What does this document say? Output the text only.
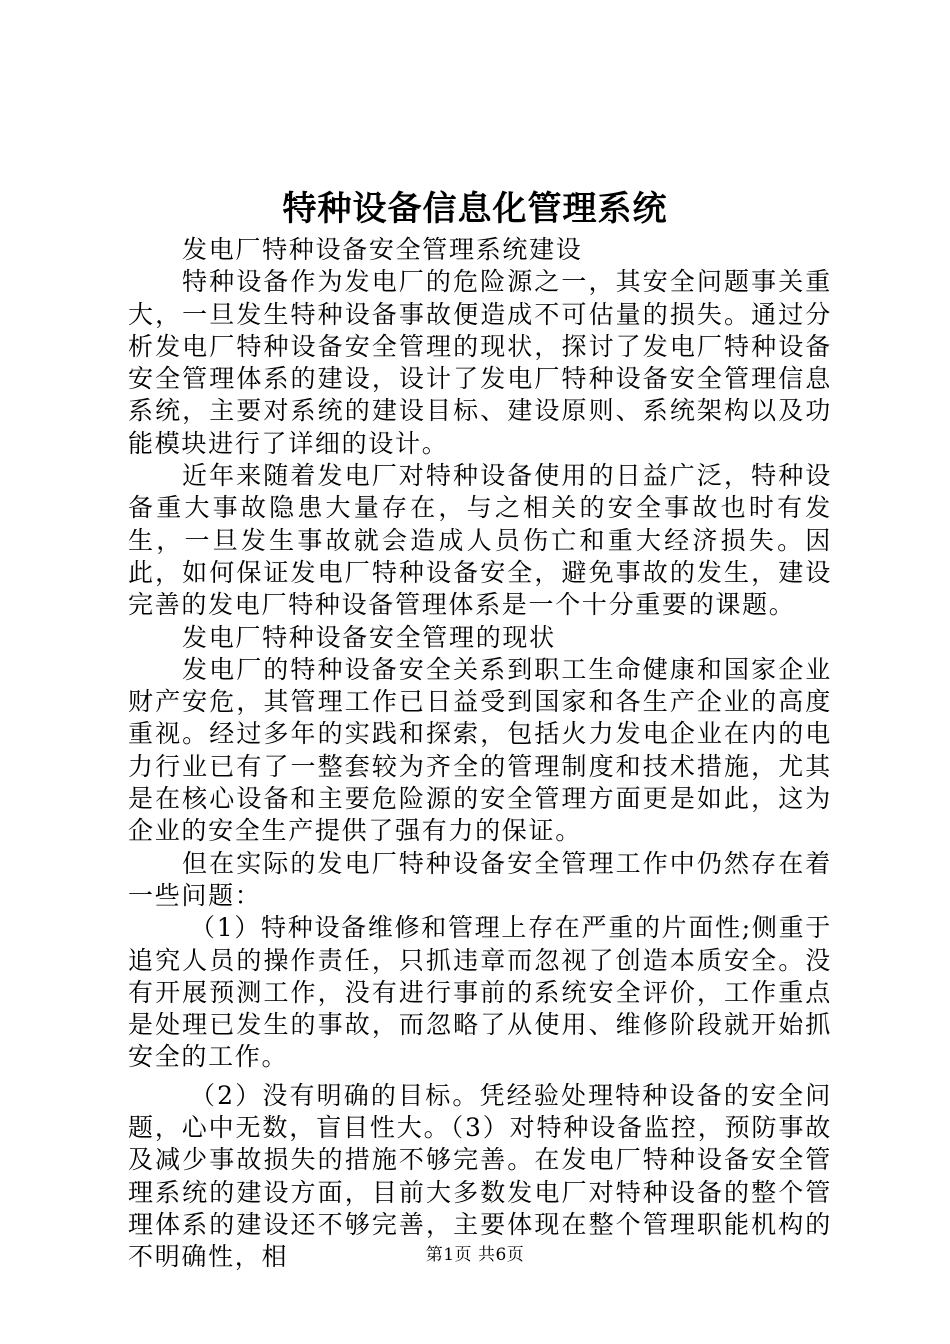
特种设备信息化管理系统

发电厂特种设备安全管理系统建设

特种设备作为发电厂的危险源之一，其安全问题事关重大，一旦发生特种设备事故便造成不可估量的损失。通过分析发电厂特种设备安全管理的现状，探讨了发电厂特种设备安全管理体系的建设，设计了发电厂特种设备安全管理信息系统，主要对系统的建设目标、建设原则、系统架构以及功能模块进行了详细的设计。

近年来随着发电厂对特种设备使用的日益广泛，特种设备重大事故隐患大量存在，与之相关的安全事故也时有发生，一旦发生事故就会造成人员伤亡和重大经济损失。因此，如何保证发电厂特种设备安全，避免事故的发生，建设完善的发电厂特种设备管理体系是一个十分重要的课题。

发电厂特种设备安全管理的现状

发电厂的特种设备安全关系到职工生命健康和国家企业财产安危，其管理工作已日益受到国家和各生产企业的高度重视。经过多年的实践和探索，包括火力发电企业在内的电力行业已有了一整套较为齐全的管理制度和技术措施，尤其是在核心设备和主要危险源的安全管理方面更是如此，这为企业的安全生产提供了强有力的保证。

但在实际的发电厂特种设备安全管理工作中仍然存在着一些问题：

（1）特种设备维修和管理上存在严重的片面性;侧重于追究人员的操作责任，只抓违章而忽视了创造本质安全。没有开展预测工作，没有进行事前的系统安全评价，工作重点是处理已发生的事故，而忽略了从使用、维修阶段就开始抓安全的工作。

（2）没有明确的目标。凭经验处理特种设备的安全问题，心中无数，盲目性大。（3）对特种设备监控，预防事故及减少事故损失的措施不够完善。在发电厂特种设备安全管理系统的建设方面，目前大多数发电厂对特种设备的整个管理体系的建设还不够完善，主要体现在整个管理职能机构的不明确性，相	第1页 共6页
